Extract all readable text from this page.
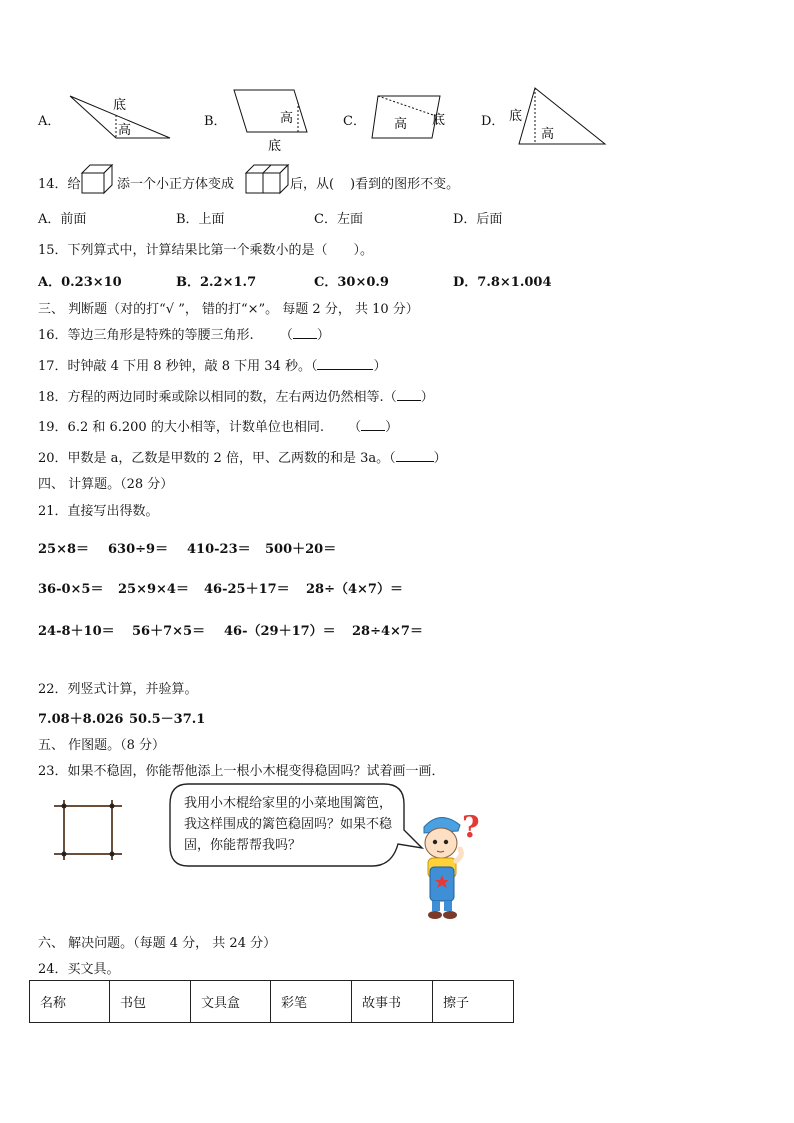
A．
底
高
B．	高
底
C． 高 底	D． 底
高
14．给	添一个小正方体变成	后，从( )看到的图形不变。
A．前面	B．上面	C．左面	D．后面
15．下列算式中，计算结果比第一个乘数小的是（　　）。
A．0.23×10	B．2.2×1.7	C．30×0.9	D．7.8×1.004
三、 判断题（对的打“√ ”， 错的打“×”。 每题 2 分， 共 10 分）
16．等边三角形是特殊的等腰三角形. （ ）
17．时钟敲 4 下用 8 秒钟，敲 8 下用 34 秒。（	）
18．方程的两边同时乘或除以相同的数，左右两边仍然相等.（ ）
19．6.2 和 6.200 的大小相等，计数单位也相同. （ ）
20．甲数是 a，乙数是甲数的 2 倍，甲、乙两数的和是 3a。（	）
四、 计算题。（28 分）
21．直接写出得数。
25×8＝ 630÷9＝ 410-23＝ 500＋20＝
36-0×5＝ 25×9×4＝ 46-25＋17＝ 28÷（4×7）＝
24-8＋10＝ 56＋7×5＝ 46-（29＋17）＝ 28÷4×7＝
22．列竖式计算，并验算。
7.08＋8.026 50.5－37.1
五、 作图题。（8 分）
23．如果不稳固，你能帮他添上一根小木棍变得稳固吗？试着画一画．
我用小木棍给家里的小菜地围篱笆，我这样围成的篱笆稳固吗？如果不稳固，你能帮帮我吗？
?
六、 解决问题。（每题 4 分， 共 24 分）
24．买文具。
名称	书包	文具盒	彩笔	故事书	擦子
